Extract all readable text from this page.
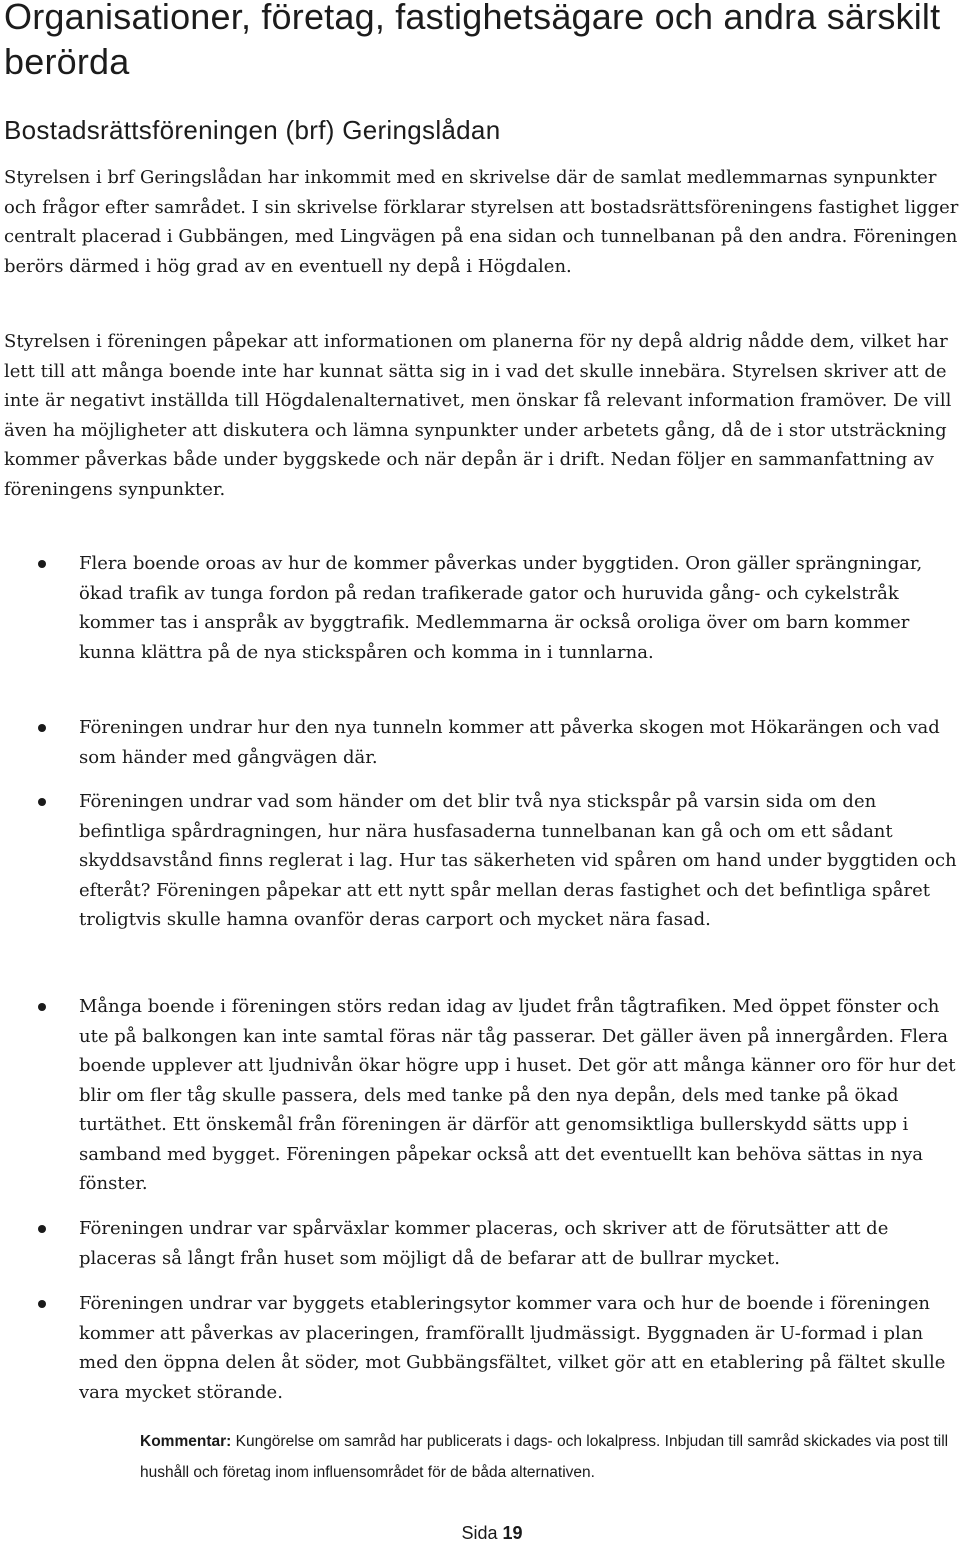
Organisationer, företag, fastighetsägare och andra särskilt berörda
Bostadsrättsföreningen (brf) Geringslådan

Styrelsen i brf Geringslådan har inkommit med en skrivelse där de samlat medlemmarnas synpunkter och frågor efter samrådet. I sin skrivelse förklarar styrelsen att bostadsrättsföreningens fastighet ligger centralt placerad i Gubbängen, med Lingvägen på ena sidan och tunnelbanan på den andra. Föreningen berörs därmed i hög grad av en eventuell ny depå i Högdalen.

Styrelsen i föreningen påpekar att informationen om planerna för ny depå aldrig nådde dem, vilket har lett till att många boende inte har kunnat sätta sig in i vad det skulle innebära. Styrelsen skriver att de inte är negativt inställda till Högdalenalternativet, men önskar få relevant information framöver. De vill även ha möjligheter att diskutera och lämna synpunkter under arbetets gång, då de i stor utsträckning kommer påverkas både under byggskede och när depån är i drift. Nedan följer en sammanfattning av föreningens synpunkter.

Flera boende oroas av hur de kommer påverkas under byggtiden. Oron gäller sprängningar, ökad trafik av tunga fordon på redan trafikerade gator och huruvida gång- och cykelstråk kommer tas i anspråk av byggtrafik. Medlemmarna är också oroliga över om barn kommer kunna klättra på de nya stickspåren och komma in i tunnlarna.

Föreningen undrar hur den nya tunneln kommer att påverka skogen mot Hökarängen och vad som händer med gångvägen där.

Föreningen undrar vad som händer om det blir två nya stickspår på varsin sida om den befintliga spårdragningen, hur nära husfasaderna tunnelbanan kan gå och om ett sådant skyddsavstånd finns reglerat i lag. Hur tas säkerheten vid spåren om hand under byggtiden och efteråt? Föreningen påpekar att ett nytt spår mellan deras fastighet och det befintliga spåret troligtvis skulle hamna ovanför deras carport och mycket nära fasad.

Många boende i föreningen störs redan idag av ljudet från tågtrafiken. Med öppet fönster och ute på balkongen kan inte samtal föras när tåg passerar. Det gäller även på innergården. Flera boende upplever att ljudnivån ökar högre upp i huset. Det gör att många känner oro för hur det blir om fler tåg skulle passera, dels med tanke på den nya depån, dels med tanke på ökad turtäthet. Ett önskemål från föreningen är därför att genomsiktliga bullerskydd sätts upp i samband med bygget. Föreningen påpekar också att det eventuellt kan behöva sättas in nya fönster.

Föreningen undrar var spårväxlar kommer placeras, och skriver att de förutsätter att de placeras så långt från huset som möjligt då de befarar att de bullrar mycket.

Föreningen undrar var byggets etableringsytor kommer vara och hur de boende i föreningen kommer att påverkas av placeringen, framförallt ljudmässigt. Byggnaden är U-formad i plan med den öppna delen åt söder, mot Gubbängsfältet, vilket gör att en etablering på fältet skulle vara mycket störande.

Kommentar: Kungörelse om samråd har publicerats i dags- och lokalpress. Inbjudan till samråd skickades via post till hushåll och företag inom influensområdet för de båda alternativen.

Sida 19
